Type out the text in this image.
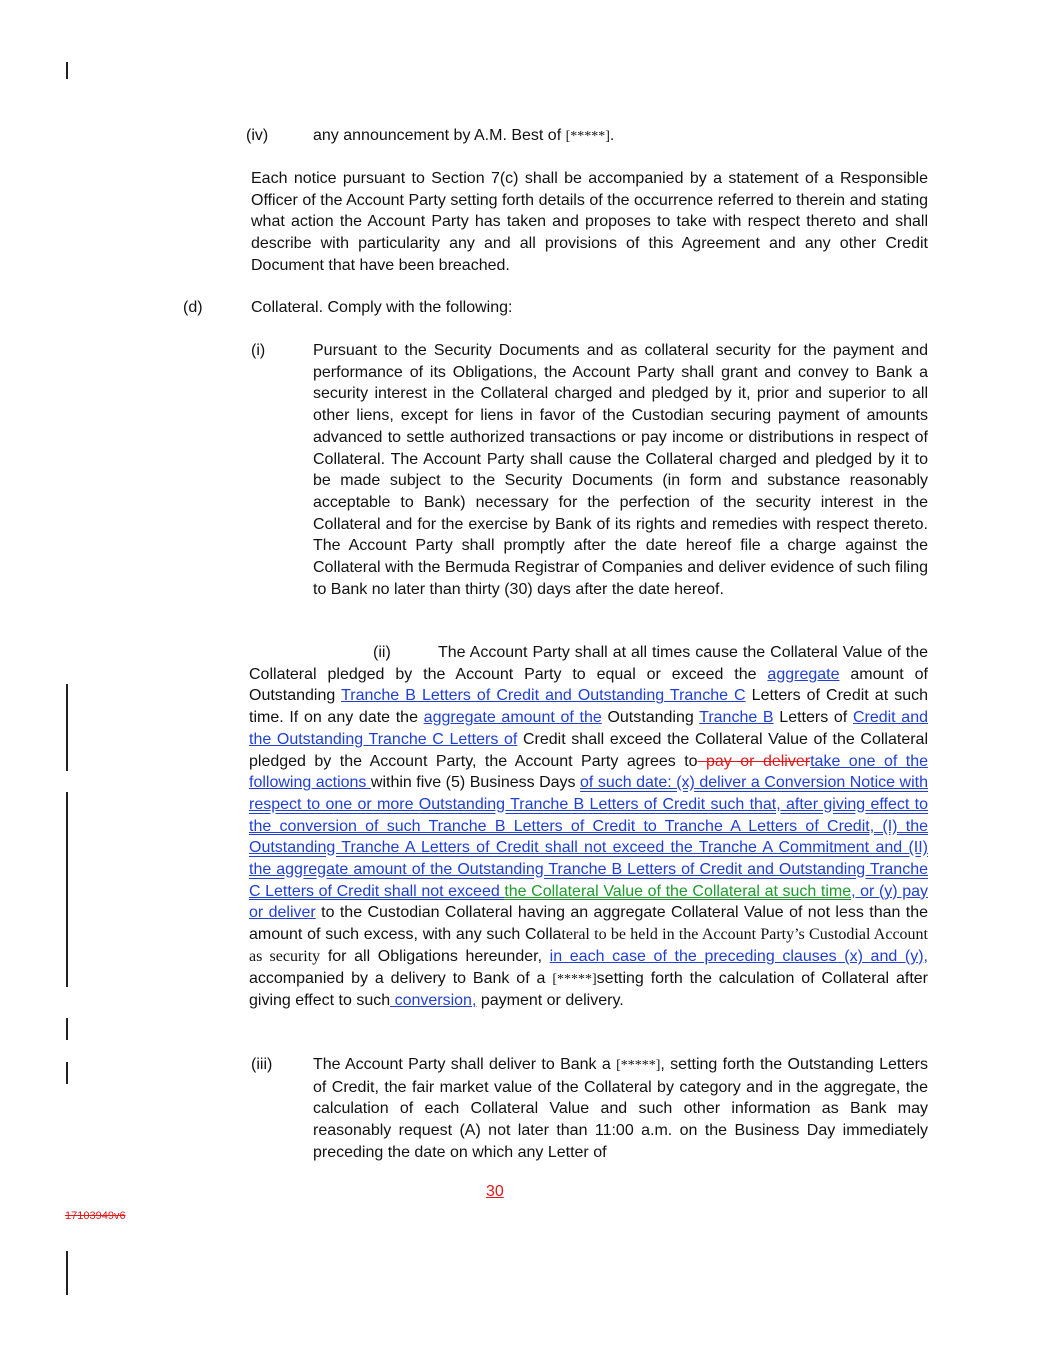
(iv)	any announcement by A.M. Best of [*****].
Each notice pursuant to Section 7(c) shall be accompanied by a statement of a Responsible Officer of the Account Party setting forth details of the occurrence referred to therein and stating what action the Account Party has taken and proposes to take with respect thereto and shall describe with particularity any and all provisions of this Agreement and any other Credit Document that have been breached.
(d)	Collateral. Comply with the following:
(i)	Pursuant to the Security Documents and as collateral security for the payment and performance of its Obligations, the Account Party shall grant and convey to Bank a security interest in the Collateral charged and pledged by it, prior and superior to all other liens, except for liens in favor of the Custodian securing payment of amounts advanced to settle authorized transactions or pay income or distributions in respect of Collateral. The Account Party shall cause the Collateral charged and pledged by it to be made subject to the Security Documents (in form and substance reasonably acceptable to Bank) necessary for the perfection of the security interest in the Collateral and for the exercise by Bank of its rights and remedies with respect thereto. The Account Party shall promptly after the date hereof file a charge against the Collateral with the Bermuda Registrar of Companies and deliver evidence of such filing to Bank no later than thirty (30) days after the date hereof.
(ii)	The Account Party shall at all times cause the Collateral Value of the Collateral pledged by the Account Party to equal or exceed the aggregate amount of Outstanding Tranche B Letters of Credit and Outstanding Tranche C Letters of Credit at such time. If on any date the aggregate amount of the Outstanding Tranche B Letters of Credit and the Outstanding Tranche C Letters of Credit shall exceed the Collateral Value of the Collateral pledged by the Account Party, the Account Party agrees to pay or delivertake one of the following actions within five (5) Business Days of such date: (x) deliver a Conversion Notice with respect to one or more Outstanding Tranche B Letters of Credit such that, after giving effect to the conversion of such Tranche B Letters of Credit to Tranche A Letters of Credit, (I) the Outstanding Tranche A Letters of Credit shall not exceed the Tranche A Commitment and (II) the aggregate amount of the Outstanding Tranche B Letters of Credit and Outstanding Tranche C Letters of Credit shall not exceed the Collateral Value of the Collateral at such time, or (y) pay or deliver to the Custodian Collateral having an aggregate Collateral Value of not less than the amount of such excess, with any such Collateral to be held in the Account Party’s Custodial Account as security for all Obligations hereunder, in each case of the preceding clauses (x) and (y), accompanied by a delivery to Bank of a [*****]setting forth the calculation of Collateral after giving effect to such conversion, payment or delivery.
(iii)	The Account Party shall deliver to Bank a [*****], setting forth the Outstanding Letters of Credit, the fair market value of the Collateral by category and in the aggregate, the calculation of each Collateral Value and such other information as Bank may reasonably request (A) not later than 11:00 a.m. on the Business Day immediately preceding the date on which any Letter of
30
17103949v6
